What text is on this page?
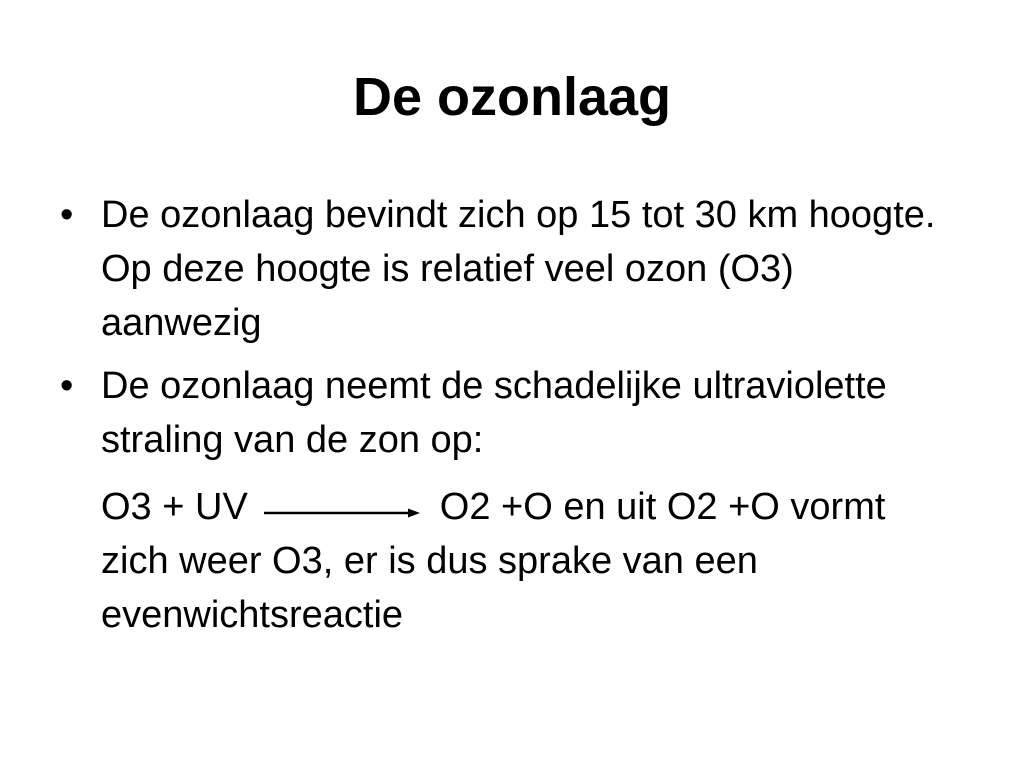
De ozonlaag
• De ozonlaag bevindt zich op 15 tot 30 km hoogte. Op deze hoogte is relatief veel ozon (O3) aanwezig
• De ozonlaag neemt de schadelijke ultraviolette straling van de zon op:
O3 + UV	O2 +O en uit O2 +O vormt zich weer O3, er is dus sprake van een evenwichtsreactie
